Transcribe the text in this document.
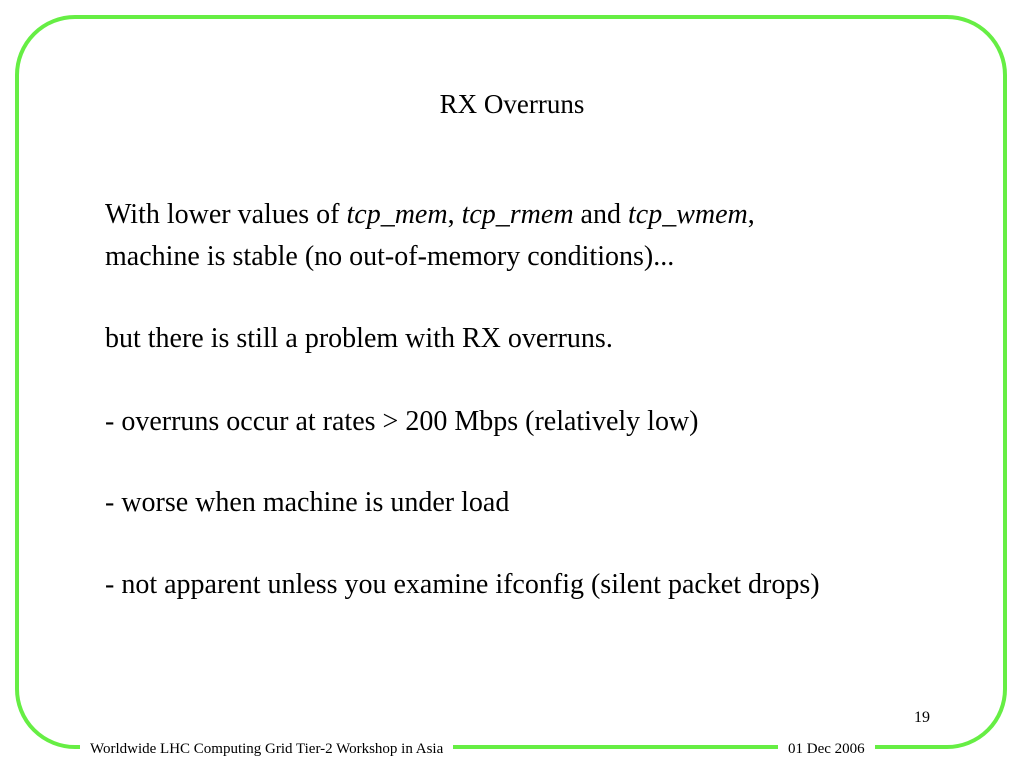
RX Overruns
With lower values of tcp_mem, tcp_rmem and tcp_wmem,
machine is stable (no out-of-memory conditions)...
but there is still a problem with RX overruns.
- overruns occur at rates > 200 Mbps (relatively low)
- worse when machine is under load
- not apparent unless you examine ifconfig (silent packet drops)
19
Worldwide LHC Computing Grid Tier-2 Workshop in Asia	01 Dec 2006
